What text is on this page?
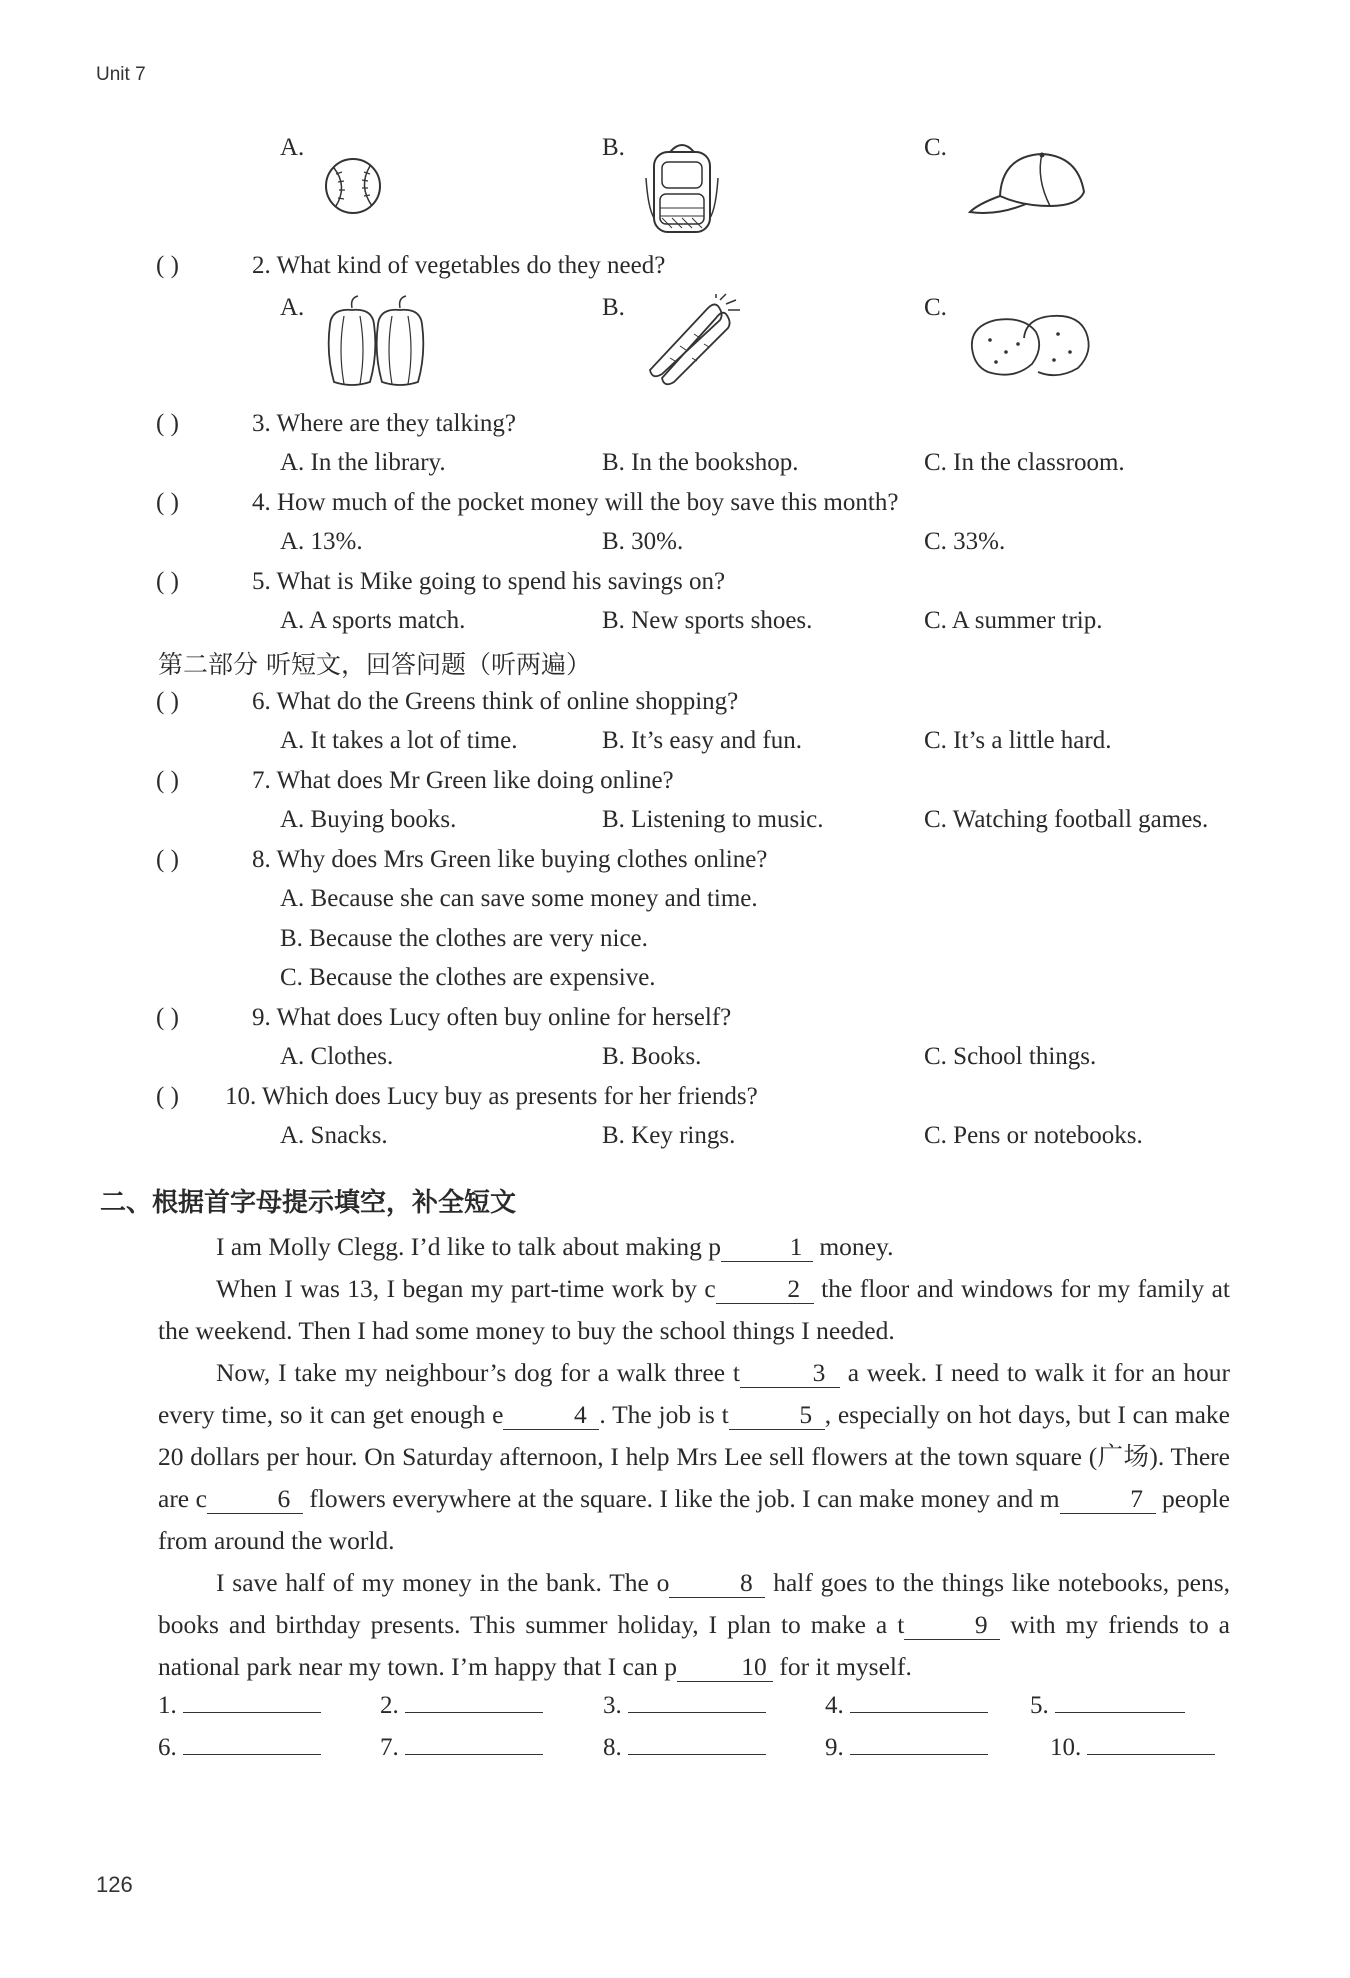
Unit 7
A.	B.	C.
( )	2. What kind of vegetables do they need?
A.	B.	C.
( )	3. Where are they talking?
A. In the library.	B. In the bookshop.	C. In the classroom.
( )	4. How much of the pocket money will the boy save this month?
A. 13%.	B. 30%.	C. 33%.
( )	5. What is Mike going to spend his savings on?
A. A sports match.	B. New sports shoes.	C. A summer trip.
第二部分 听短文，回答问题（听两遍）
( )	6. What do the Greens think of online shopping?
A. It takes a lot of time.	B. It’s easy and fun.	C. It’s a little hard.
( )	7. What does Mr Green like doing online?
A. Buying books.	B. Listening to music.	C. Watching football games.
( )	8. Why does Mrs Green like buying clothes online?
A. Because she can save some money and time.
B. Because the clothes are very nice.
C. Because the clothes are expensive.
( )	9. What does Lucy often buy online for herself?
A. Clothes.	B. Books.	C. School things.
( ) 10. Which does Lucy buy as presents for her friends?
A. Snacks.	B. Key rings.	C. Pens or notebooks.
二、根据首字母提示填空，补全短文
I am Molly Clegg. I’d like to talk about making p	1 money.
When I was 13, I began my part-time work by c	2 the floor and windows for my family at the weekend. Then I had some money to buy the school things I needed.
Now, I take my neighbour’s dog for a walk three t	3 a week. I need to walk it for an hour every time, so it can get enough e	4 . The job is t	5 , especially on hot days, but I can make 20 dollars per hour. On Saturday afternoon, I help Mrs Lee sell flowers at the town square (广场). There are c	6 flowers everywhere at the square. I like the job. I can make money and m	7 people from around the world.
I save half of my money in the bank. The o	8 half goes to the things like notebooks, pens, books and birthday presents. This summer holiday, I plan to make a t	9 with my friends to a national park near my town. I’m happy that I can p	10 for it myself.
1.	2.	3.	4.	5.
6.	7.	8.	9.	10.
126
